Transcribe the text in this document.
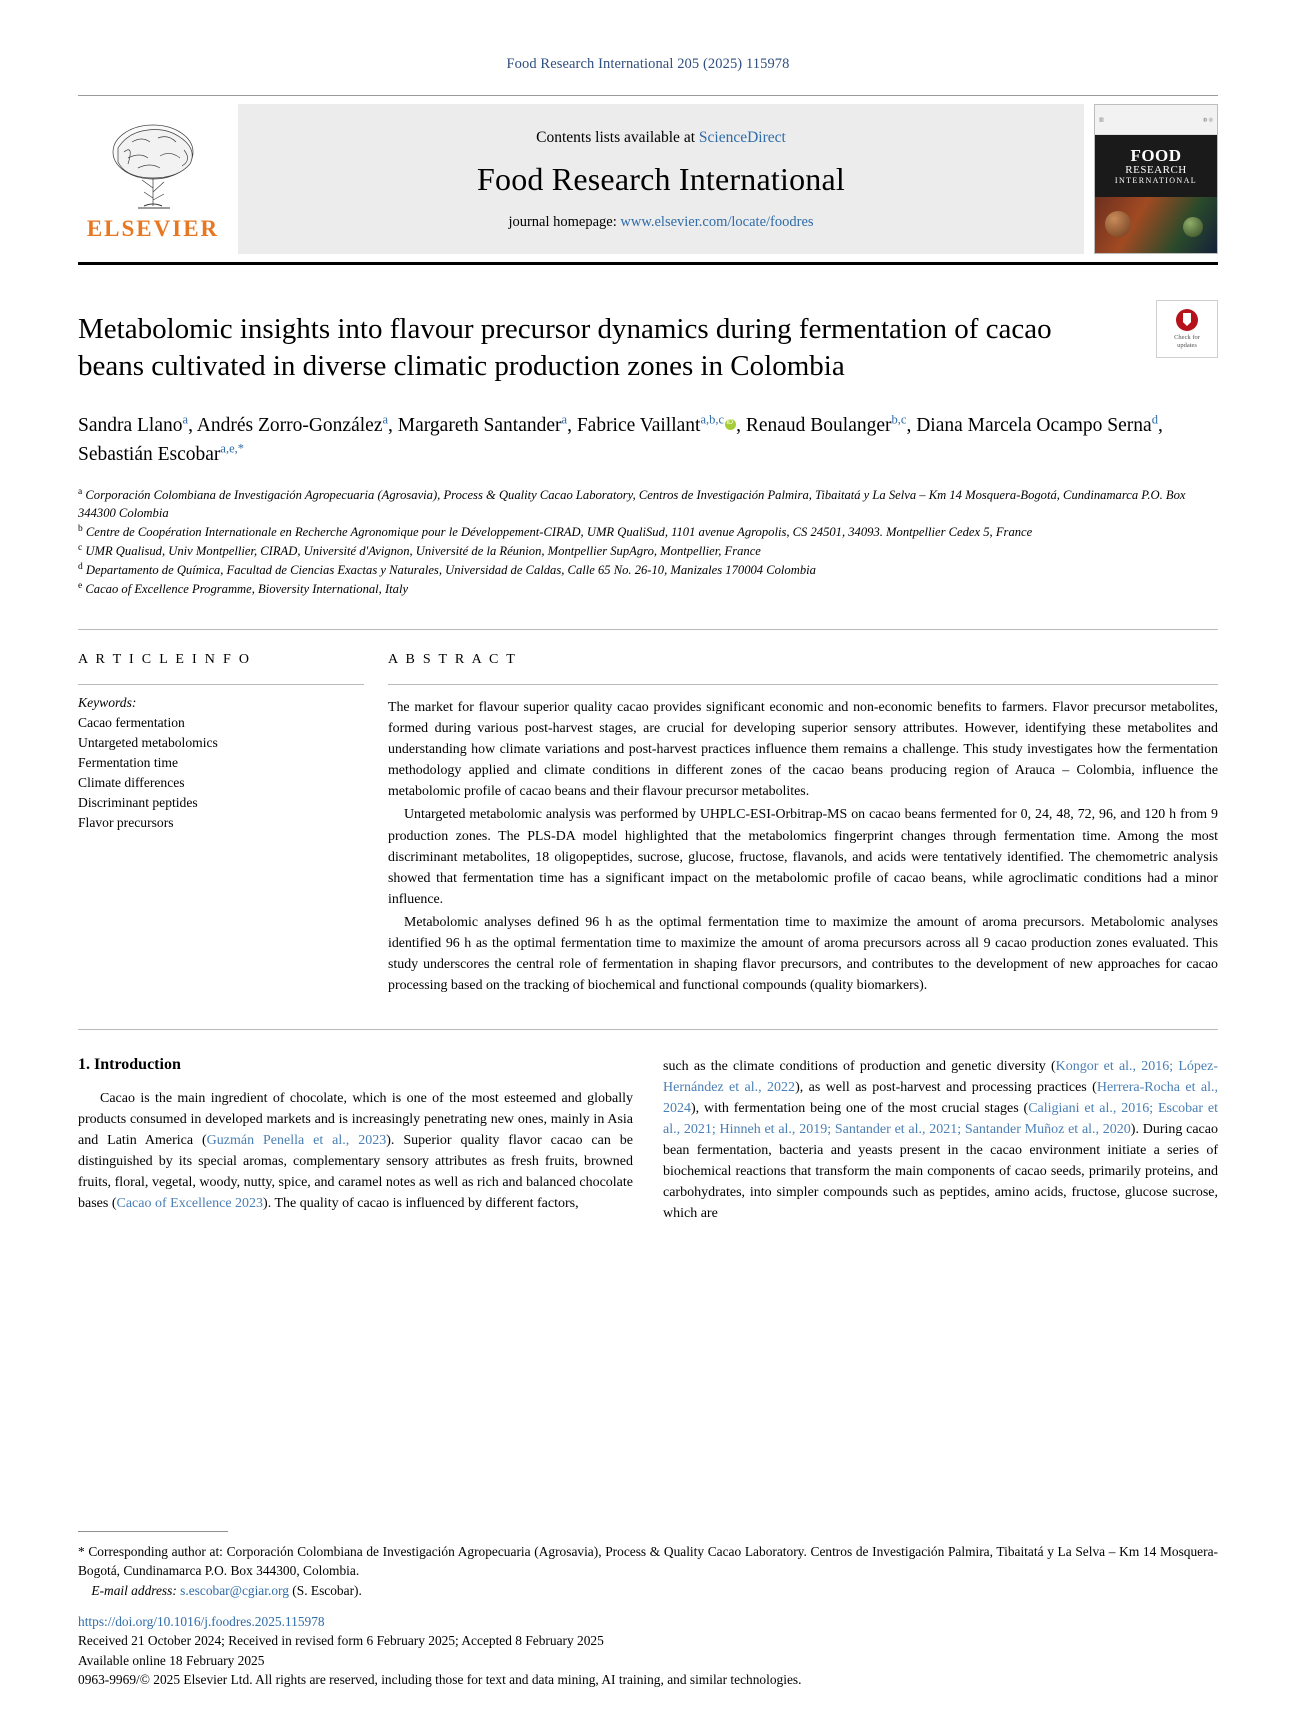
Food Research International 205 (2025) 115978
ELSEVIER
Contents lists available at ScienceDirect
Food Research International
journal homepage: www.elsevier.com/locate/foodres
▥	◍ ◎
FOOD
RESEARCH
INTERNATIONAL
Check for
updates
Metabolomic insights into flavour precursor dynamics during fermentation of cacao beans cultivated in diverse climatic production zones in Colombia
Sandra Llano$^a$, Andrés Zorro-González$^a$, Margareth Santander$^a$, Fabrice Vaillant$^{a,b,c}$ iD , Renaud Boulanger$^{b,c}$, Diana Marcela Ocampo Serna$^d$, Sebastián Escobar$^{a,e,*}$
$^a$ Corporación Colombiana de Investigación Agropecuaria (Agrosavia), Process & Quality Cacao Laboratory, Centros de Investigación Palmira, Tibaitatá y La Selva – Km 14 Mosquera-Bogotá, Cundinamarca P.O. Box 344300 Colombia
$^b$ Centre de Coopération Internationale en Recherche Agronomique pour le Développement-CIRAD, UMR QualiSud, 1101 avenue Agropolis, CS 24501, 34093. Montpellier Cedex 5, France
$^c$ UMR Qualisud, Univ Montpellier, CIRAD, Université d'Avignon, Université de la Réunion, Montpellier SupAgro, Montpellier, France
$^d$ Departamento de Química, Facultad de Ciencias Exactas y Naturales, Universidad de Caldas, Calle 65 No. 26-10, Manizales 170004 Colombia
$^e$ Cacao of Excellence Programme, Bioversity International, Italy
A R T I C L E I N F O
Keywords:
Cacao fermentation
Untargeted metabolomics
Fermentation time
Climate differences
Discriminant peptides
Flavor precursors
A B S T R A C T

The market for flavour superior quality cacao provides significant economic and non-economic benefits to farmers. Flavor precursor metabolites, formed during various post-harvest stages, are crucial for developing superior sensory attributes. However, identifying these metabolites and understanding how climate variations and post-harvest practices influence them remains a challenge. This study investigates how the fermentation methodology applied and climate conditions in different zones of the cacao beans producing region of Arauca – Colombia, influence the metabolomic profile of cacao beans and their flavour precursor metabolites.

Untargeted metabolomic analysis was performed by UHPLC-ESI-Orbitrap-MS on cacao beans fermented for 0, 24, 48, 72, 96, and 120 h from 9 production zones. The PLS-DA model highlighted that the metabolomics fingerprint changes through fermentation time. Among the most discriminant metabolites, 18 oligopeptides, sucrose, glucose, fructose, flavanols, and acids were tentatively identified. The chemometric analysis showed that fermentation time has a significant impact on the metabolomic profile of cacao beans, while agroclimatic conditions had a minor influence.

Metabolomic analyses defined 96 h as the optimal fermentation time to maximize the amount of aroma precursors. Metabolomic analyses identified 96 h as the optimal fermentation time to maximize the amount of aroma precursors across all 9 cacao production zones evaluated. This study underscores the central role of fermentation in shaping flavor precursors, and contributes to the development of new approaches for cacao processing based on the tracking of biochemical and functional compounds (quality biomarkers).

1. Introduction

Cacao is the main ingredient of chocolate, which is one of the most esteemed and globally products consumed in developed markets and is increasingly penetrating new ones, mainly in Asia and Latin America (Guzmán Penella et al., 2023). Superior quality flavor cacao can be distinguished by its special aromas, complementary sensory attributes as fresh fruits, browned fruits, floral, vegetal, woody, nutty, spice, and caramel notes as well as rich and balanced chocolate bases (Cacao of Excellence 2023). The quality of cacao is influenced by different factors,

such as the climate conditions of production and genetic diversity (Kongor et al., 2016; López-Hernández et al., 2022), as well as post-harvest and processing practices (Herrera-Rocha et al., 2024), with fermentation being one of the most crucial stages (Caligiani et al., 2016; Escobar et al., 2021; Hinneh et al., 2019; Santander et al., 2021; Santander Muñoz et al., 2020). During cacao bean fermentation, bacteria and yeasts present in the cacao environment initiate a series of biochemical reactions that transform the main components of cacao seeds, primarily proteins, and carbohydrates, into simpler compounds such as peptides, amino acids, fructose, glucose sucrose, which are

* Corresponding author at: Corporación Colombiana de Investigación Agropecuaria (Agrosavia), Process & Quality Cacao Laboratory. Centros de Investigación Palmira, Tibaitatá y La Selva – Km 14 Mosquera-Bogotá, Cundinamarca P.O. Box 344300, Colombia.

E-mail address: s.escobar@cgiar.org (S. Escobar).

https://doi.org/10.1016/j.foodres.2025.115978

Received 21 October 2024; Received in revised form 6 February 2025; Accepted 8 February 2025

Available online 18 February 2025

0963-9969/© 2025 Elsevier Ltd. All rights are reserved, including those for text and data mining, AI training, and similar technologies.
